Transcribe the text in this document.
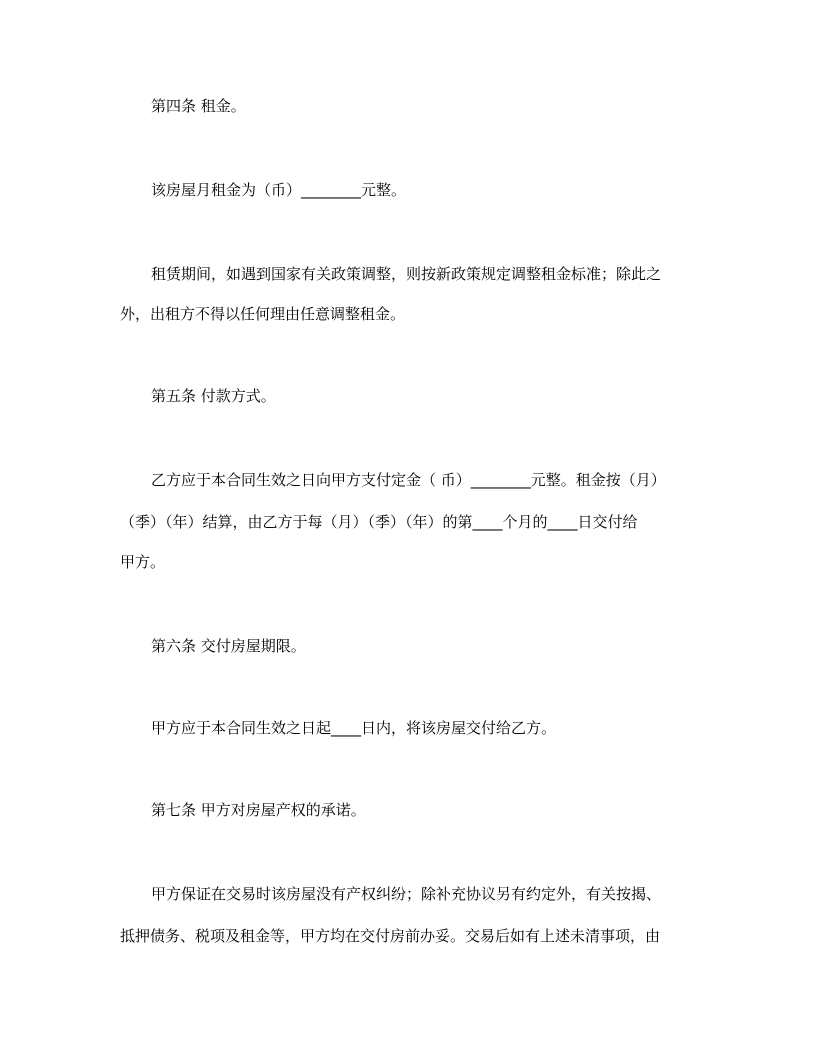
第四条 租金。
该房屋月租金为（币）________元整。
租赁期间，如遇到国家有关政策调整，则按新政策规定调整租金标准；除此之
外，出租方不得以任何理由任意调整租金。
第五条 付款方式。
乙方应于本合同生效之日向甲方支付定金（ 币）________元整。租金按（月）
（季）（年）结算，由乙方于每（月）（季）（年）的第____个月的____日交付给
甲方。
第六条 交付房屋期限。
甲方应于本合同生效之日起____日内，将该房屋交付给乙方。
第七条 甲方对房屋产权的承诺。
甲方保证在交易时该房屋没有产权纠纷；除补充协议另有约定外，有关按揭、
抵押债务、税项及租金等，甲方均在交付房前办妥。交易后如有上述未清事项，由
